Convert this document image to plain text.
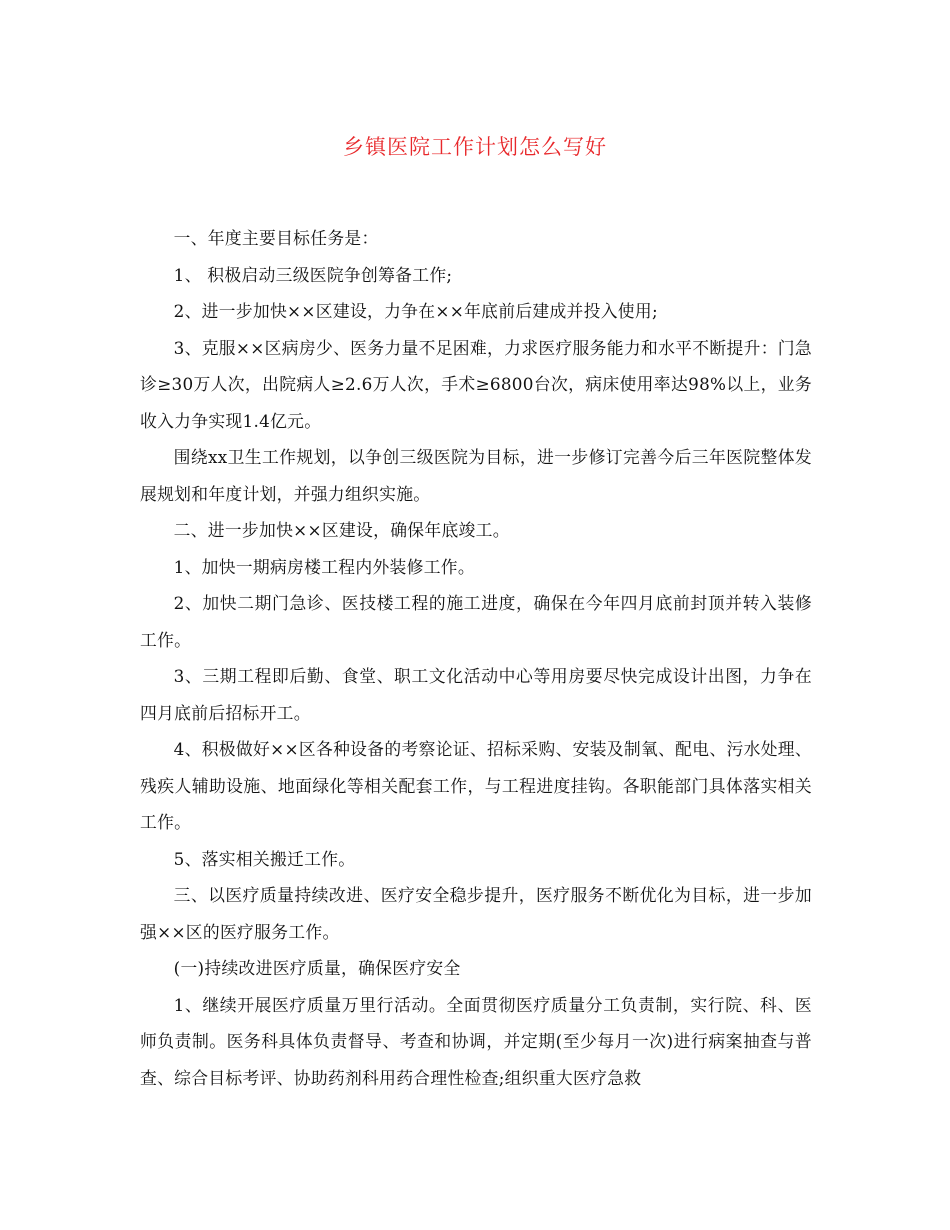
乡镇医院工作计划怎么写好

一、年度主要目标任务是：

1、 积极启动三级医院争创筹备工作;

2、进一步加快××区建设，力争在××年底前后建成并投入使用;

3、克服××区病房少、医务力量不足困难，力求医疗服务能力和水平不断提升：门急诊≥30万人次，出院病人≥2.6万人次，手术≥6800台次，病床使用率达98%以上，业务收入力争实现1.4亿元。

围绕xx卫生工作规划，以争创三级医院为目标，进一步修订完善今后三年医院整体发展规划和年度计划，并强力组织实施。

二、进一步加快××区建设，确保年底竣工。

1、加快一期病房楼工程内外装修工作。

2、加快二期门急诊、医技楼工程的施工进度，确保在今年四月底前封顶并转入装修工作。

3、三期工程即后勤、食堂、职工文化活动中心等用房要尽快完成设计出图，力争在四月底前后招标开工。

4、积极做好××区各种设备的考察论证、招标采购、安装及制氧、配电、污水处理、残疾人辅助设施、地面绿化等相关配套工作，与工程进度挂钩。各职能部门具体落实相关工作。

5、落实相关搬迁工作。

三、以医疗质量持续改进、医疗安全稳步提升，医疗服务不断优化为目标，进一步加强××区的医疗服务工作。

(一)持续改进医疗质量，确保医疗安全

1、继续开展医疗质量万里行活动。全面贯彻医疗质量分工负责制，实行院、科、医师负责制。医务科具体负责督导、考查和协调，并定期(至少每月一次)进行病案抽查与普查、综合目标考评、协助药剂科用药合理性检查;组织重大医疗急救
